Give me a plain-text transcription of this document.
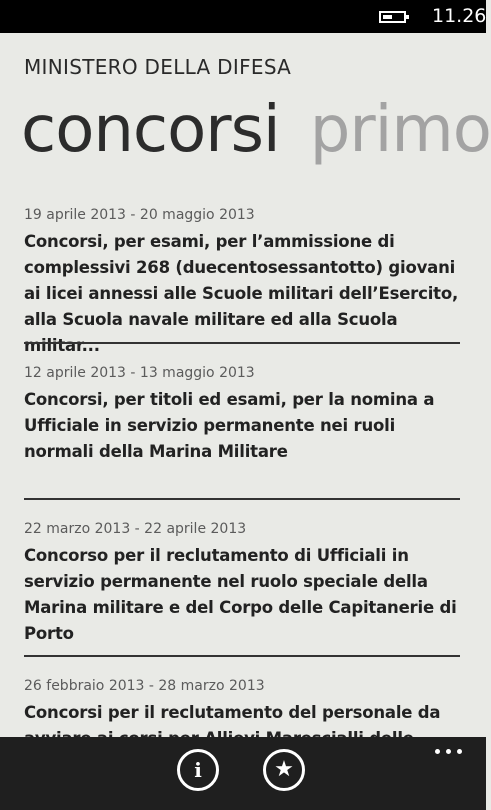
11.26
MINISTERO DELLA DIFESA
concorsi primo
19 aprile 2013 - 20 maggio 2013
Concorsi, per esami, per l’ammissione di complessivi 268 (duecentosessantotto) giovani ai licei annessi alle Scuole militari dell’Esercito, alla Scuola navale militare ed alla Scuola militar...
12 aprile 2013 - 13 maggio 2013
Concorsi, per titoli ed esami, per la nomina a Ufficiale in servizio permanente nei ruoli normali della Marina Militare
22 marzo 2013 - 22 aprile 2013
Concorso per il reclutamento di Ufficiali in servizio permanente nel ruolo speciale della Marina militare e del Corpo delle Capitanerie di Porto
26 febbraio 2013 - 28 marzo 2013
Concorsi per il reclutamento del personale da
i	★
